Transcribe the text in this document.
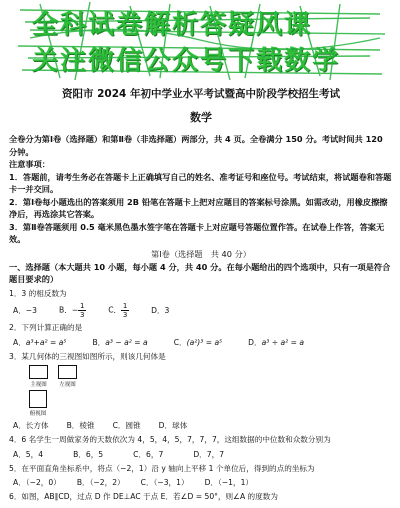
全科试卷解析答疑风课
关注微信公众号下载数学
资阳市 2024 年初中学业水平考试暨高中阶段学校招生考试
数学

全卷分为第Ⅰ卷（选择题）和第Ⅱ卷（非选择题）两部分，共 4 页。全卷满分 150 分。考试时间共 120 分钟。

注意事项：

1．答题前，请考生务必在答题卡上正确填写自己的姓名、准考证号和座位号。考试结束，将试题卷和答题卡一并交回。

2．第Ⅰ卷每小题选出的答案须用 2B 铅笔在答题卡上把对应题目的答案标号涂黑。如需改动，用橡皮擦擦净后，再选涂其它答案。

3．第Ⅱ卷答题须用 0.5 毫米黑色墨水签字笔在答题卡上对应题号答题位置作答。在试卷上作答，答案无效。

第Ⅰ卷（选择题　共 40 分）

一、选择题（本大题共 10 小题，每小题 4 分，共 40 分。在每小题给出的四个选项中，只有一项是符合题目要求的）

1．3 的相反数为
A．−3	B．− $\frac{1}{3}$	C． $\frac{1}{3}$	D．3
2．下列计算正确的是
A．a³+a² = a⁵	B．a³ − a² = a	C．(a²)³ = a⁵	D．a³ ÷ a² = a
3．某几何体的三视图如图所示，则该几何体是
主视图 左视图
俯视图
A．长方体 B．棱锥 C．圆锥 D．球体
4．6 名学生一周做家务的天数依次为 4，5，4，5，7，7，7，这组数据的中位数和众数分别为
A．5，4	B．6，5	C．6，7	D．7，7
5．在平面直角坐标系中，将点（−2，1）沿 y 轴向上平移 1 个单位后，得到的点的坐标为
A．（−2，0） B．（−2，2） C．（−3，1） D．（−1，1）
6．如图，AB∥CD，过点 D 作 DE⊥AC 于点 E．若∠D = 50°，则∠A 的度数为
